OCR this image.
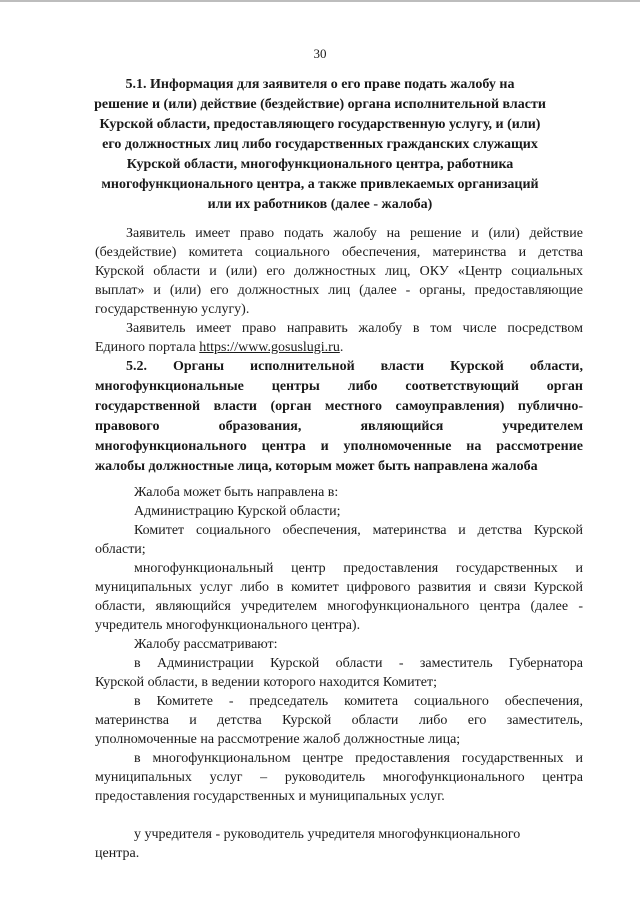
30
5.1. Информация для заявителя о его праве подать жалобу на
решение и (или) действие (бездействие) органа исполнительной власти
Курской области, предоставляющего государственную услугу, и (или)
его должностных лиц либо государственных гражданских служащих
Курской области, многофункционального центра, работника
многофункционального центра, а также привлекаемых организаций
или их работников (далее - жалоба)
Заявитель имеет право подать жалобу на решение и (или) действие
(бездействие) комитета социального обеспечения, материнства и детства
Курской области и (или) его должностных лиц, ОКУ «Центр социальных
выплат» и (или) его должностных лиц (далее - органы, предоставляющие
государственную услугу).
Заявитель имеет право направить жалобу в том числе посредством
Единого портала https://www.gosuslugi.ru.
5.2. Органы исполнительной власти Курской области,
многофункциональные центры либо соответствующий орган
государственной власти (орган местного самоуправления) публично-
правового образования, являющийся учредителем
многофункционального центра и уполномоченные на рассмотрение
жалобы должностные лица, которым может быть направлена жалоба
Жалоба может быть направлена в:
Администрацию Курской области;
Комитет социального обеспечения, материнства и детства Курской
области;
многофункциональный центр предоставления государственных и
муниципальных услуг либо в комитет цифрового развития и связи Курской
области, являющийся учредителем многофункционального центра (далее -
учредитель многофункционального центра).
Жалобу рассматривают:
в Администрации Курской области - заместитель Губернатора
Курской области, в ведении которого находится Комитет;
в Комитете - председатель комитета социального обеспечения,
материнства и детства Курской области либо его заместитель,
уполномоченные на рассмотрение жалоб должностные лица;
в многофункциональном центре предоставления государственных и
муниципальных услуг – руководитель многофункционального центра
предоставления государственных и муниципальных услуг.
у учредителя - руководитель учредителя многофункционального
центра.
